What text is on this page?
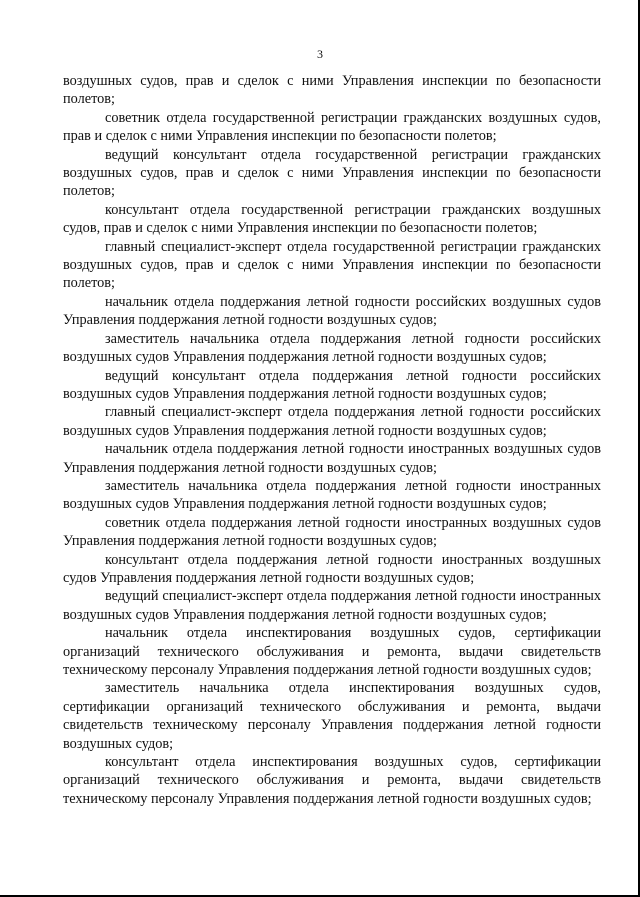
3

воздушных судов, прав и сделок с ними Управления инспекции по безопасности полетов;

советник отдела государственной регистрации гражданских воздушных судов, прав и сделок с ними Управления инспекции по безопасности полетов;

ведущий консультант отдела государственной регистрации гражданских воздушных судов, прав и сделок с ними Управления инспекции по безопасности полетов;

консультант отдела государственной регистрации гражданских воздушных судов, прав и сделок с ними Управления инспекции по безопасности полетов;

главный специалист-эксперт отдела государственной регистрации гражданских воздушных судов, прав и сделок с ними Управления инспекции по безопасности полетов;

начальник отдела поддержания летной годности российских воздушных судов Управления поддержания летной годности воздушных судов;

заместитель начальника отдела поддержания летной годности российских воздушных судов Управления поддержания летной годности воздушных судов;

ведущий консультант отдела поддержания летной годности российских воздушных судов Управления поддержания летной годности воздушных судов;

главный специалист-эксперт отдела поддержания летной годности российских воздушных судов Управления поддержания летной годности воздушных судов;

начальник отдела поддержания летной годности иностранных воздушных судов Управления поддержания летной годности воздушных судов;

заместитель начальника отдела поддержания летной годности иностранных воздушных судов Управления поддержания летной годности воздушных судов;

советник отдела поддержания летной годности иностранных воздушных судов Управления поддержания летной годности воздушных судов;

консультант отдела поддержания летной годности иностранных воздушных судов Управления поддержания летной годности воздушных судов;

ведущий специалист-эксперт отдела поддержания летной годности иностранных воздушных судов Управления поддержания летной годности воздушных судов;

начальник отдела инспектирования воздушных судов, сертификации организаций технического обслуживания и ремонта, выдачи свидетельств техническому персоналу Управления поддержания летной годности воздушных судов;

заместитель начальника отдела инспектирования воздушных судов, сертификации организаций технического обслуживания и ремонта, выдачи свидетельств техническому персоналу Управления поддержания летной годности воздушных судов;

консультант отдела инспектирования воздушных судов, сертификации организаций технического обслуживания и ремонта, выдачи свидетельств техническому персоналу Управления поддержания летной годности воздушных судов;
